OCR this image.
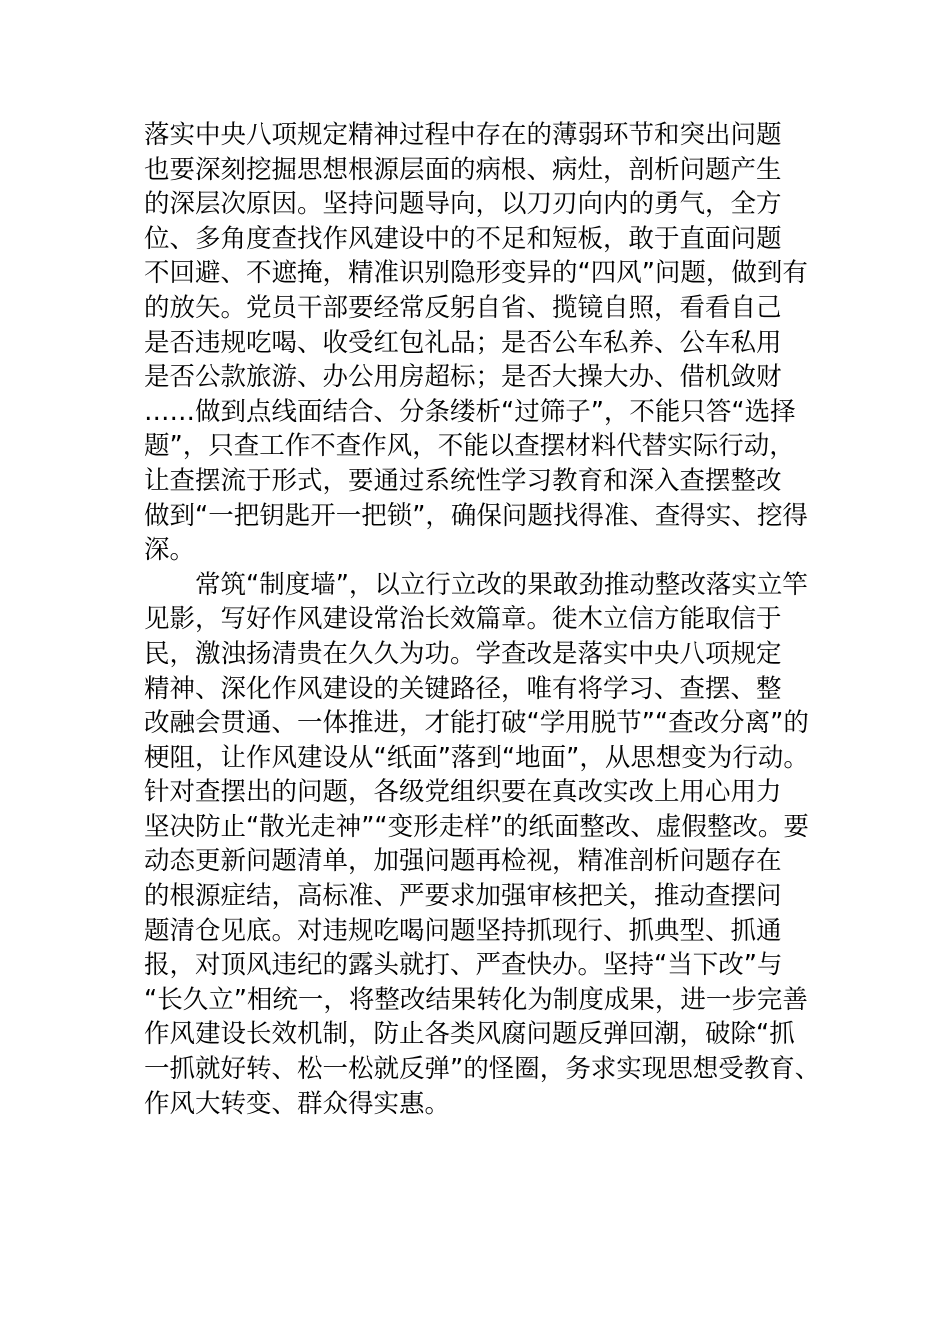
落实中央八项规定精神过程中存在的薄弱环节和突出问题
也要深刻挖掘思想根源层面的病根、病灶，剖析问题产生
的深层次原因。坚持问题导向，以刀刃向内的勇气，全方
位、多角度查找作风建设中的不足和短板，敢于直面问题
不回避、不遮掩，精准识别隐形变异的“四风”问题，做到有
的放矢。党员干部要经常反躬自省、揽镜自照，看看自己
是否违规吃喝、收受红包礼品；是否公车私养、公车私用
是否公款旅游、办公用房超标；是否大操大办、借机敛财
……做到点线面结合、分条缕析“过筛子”，不能只答“选择
题”，只查工作不查作风，不能以查摆材料代替实际行动，
让查摆流于形式，要通过系统性学习教育和深入查摆整改
做到“一把钥匙开一把锁”，确保问题找得准、查得实、挖得
深。
常筑“制度墙”，以立行立改的果敢劲推动整改落实立竿
见影，写好作风建设常治长效篇章。徙木立信方能取信于
民，激浊扬清贵在久久为功。学查改是落实中央八项规定
精神、深化作风建设的关键路径，唯有将学习、查摆、整
改融会贯通、一体推进，才能打破“学用脱节”“查改分离”的
梗阻，让作风建设从“纸面”落到“地面”，从思想变为行动。
针对查摆出的问题，各级党组织要在真改实改上用心用力
坚决防止“散光走神”“变形走样”的纸面整改、虚假整改。要
动态更新问题清单，加强问题再检视，精准剖析问题存在
的根源症结，高标准、严要求加强审核把关，推动查摆问
题清仓见底。对违规吃喝问题坚持抓现行、抓典型、抓通
报，对顶风违纪的露头就打、严查快办。坚持“当下改”与
“长久立”相统一，将整改结果转化为制度成果，进一步完善
作风建设长效机制，防止各类风腐问题反弹回潮，破除“抓
一抓就好转、松一松就反弹”的怪圈，务求实现思想受教育、
作风大转变、群众得实惠。
